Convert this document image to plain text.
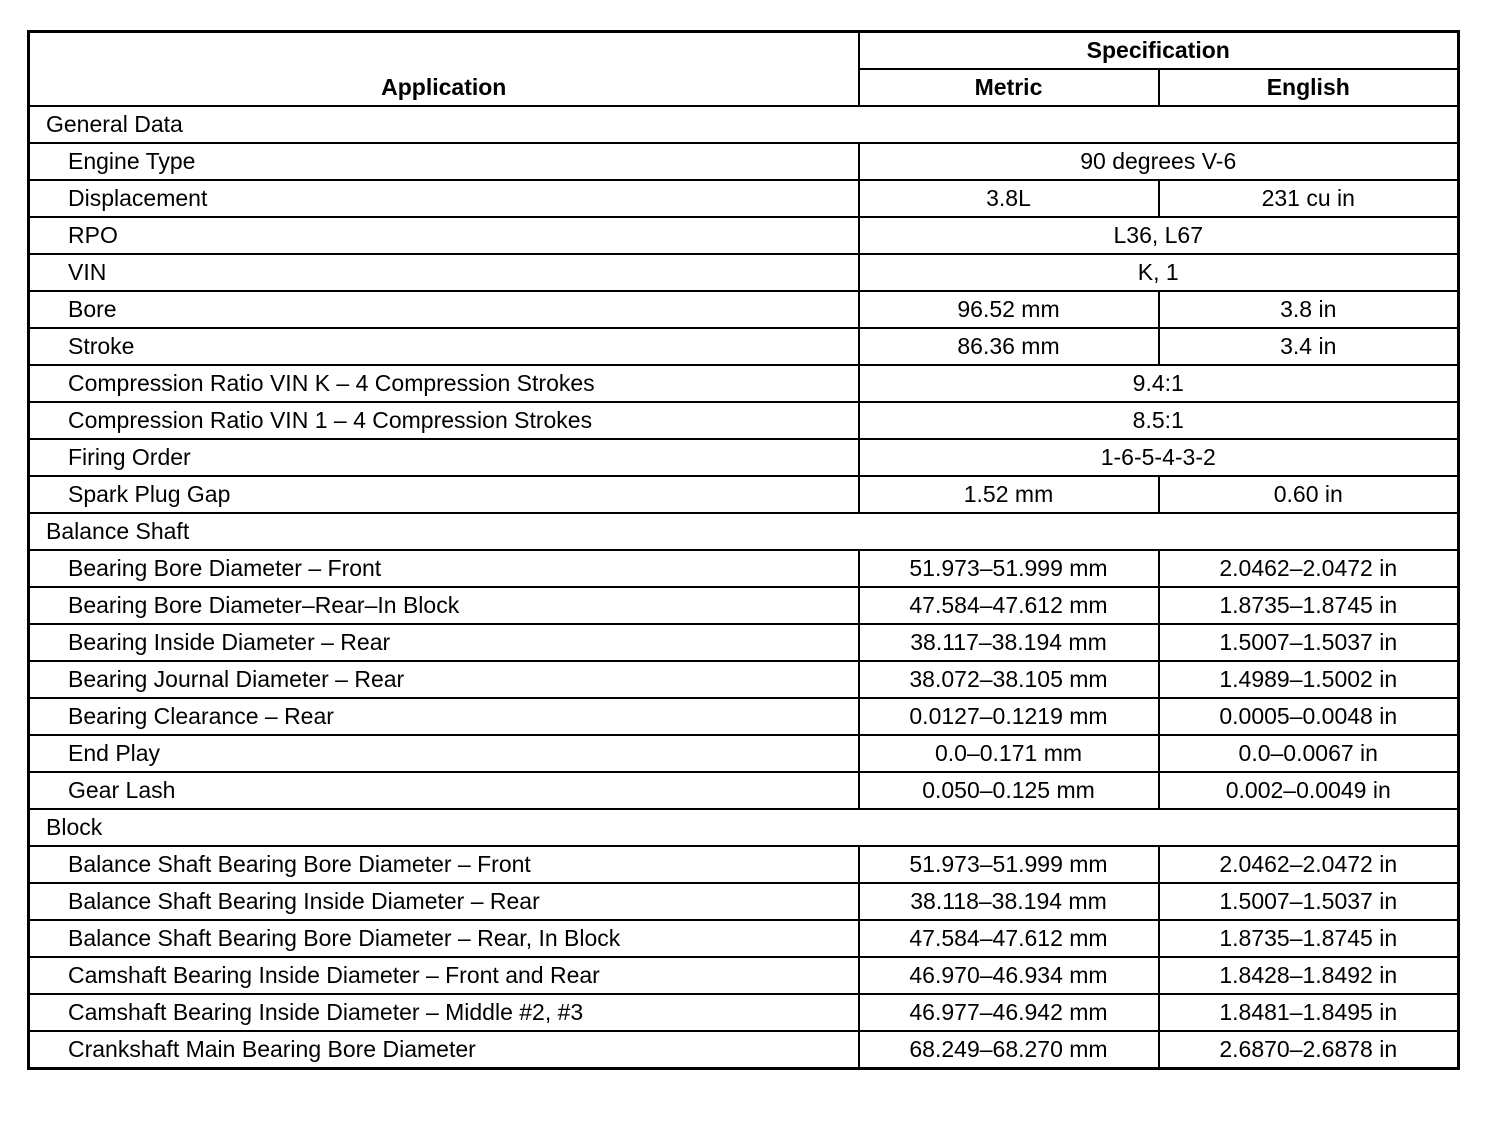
Application	Specification	
	Metric	English
General Data		
Engine Type	90 degrees V-6	
Displacement	3.8L	231 cu in
RPO	L36, L67	
VIN	K, 1	
Bore	96.52 mm	3.8 in
Stroke	86.36 mm	3.4 in
Compression Ratio VIN K – 4 Compression Strokes	9.4:1	
Compression Ratio VIN 1 – 4 Compression Strokes	8.5:1	
Firing Order	1-6-5-4-3-2	
Spark Plug Gap	1.52 mm	0.60 in
Balance Shaft		
Bearing Bore Diameter – Front	51.973–51.999 mm	2.0462–2.0472 in
Bearing Bore Diameter–Rear–In Block	47.584–47.612 mm	1.8735–1.8745 in
Bearing Inside Diameter – Rear	38.117–38.194 mm	1.5007–1.5037 in
Bearing Journal Diameter – Rear	38.072–38.105 mm	1.4989–1.5002 in
Bearing Clearance – Rear	0.0127–0.1219 mm	0.0005–0.0048 in
End Play	0.0–0.171 mm	0.0–0.0067 in
Gear Lash	0.050–0.125 mm	0.002–0.0049 in
Block		
Balance Shaft Bearing Bore Diameter – Front	51.973–51.999 mm	2.0462–2.0472 in
Balance Shaft Bearing Inside Diameter – Rear	38.118–38.194 mm	1.5007–1.5037 in
Balance Shaft Bearing Bore Diameter – Rear, In Block	47.584–47.612 mm	1.8735–1.8745 in
Camshaft Bearing Inside Diameter – Front and Rear	46.970–46.934 mm	1.8428–1.8492 in
Camshaft Bearing Inside Diameter – Middle #2, #3	46.977–46.942 mm	1.8481–1.8495 in
Crankshaft Main Bearing Bore Diameter	68.249–68.270 mm	2.6870–2.6878 in
